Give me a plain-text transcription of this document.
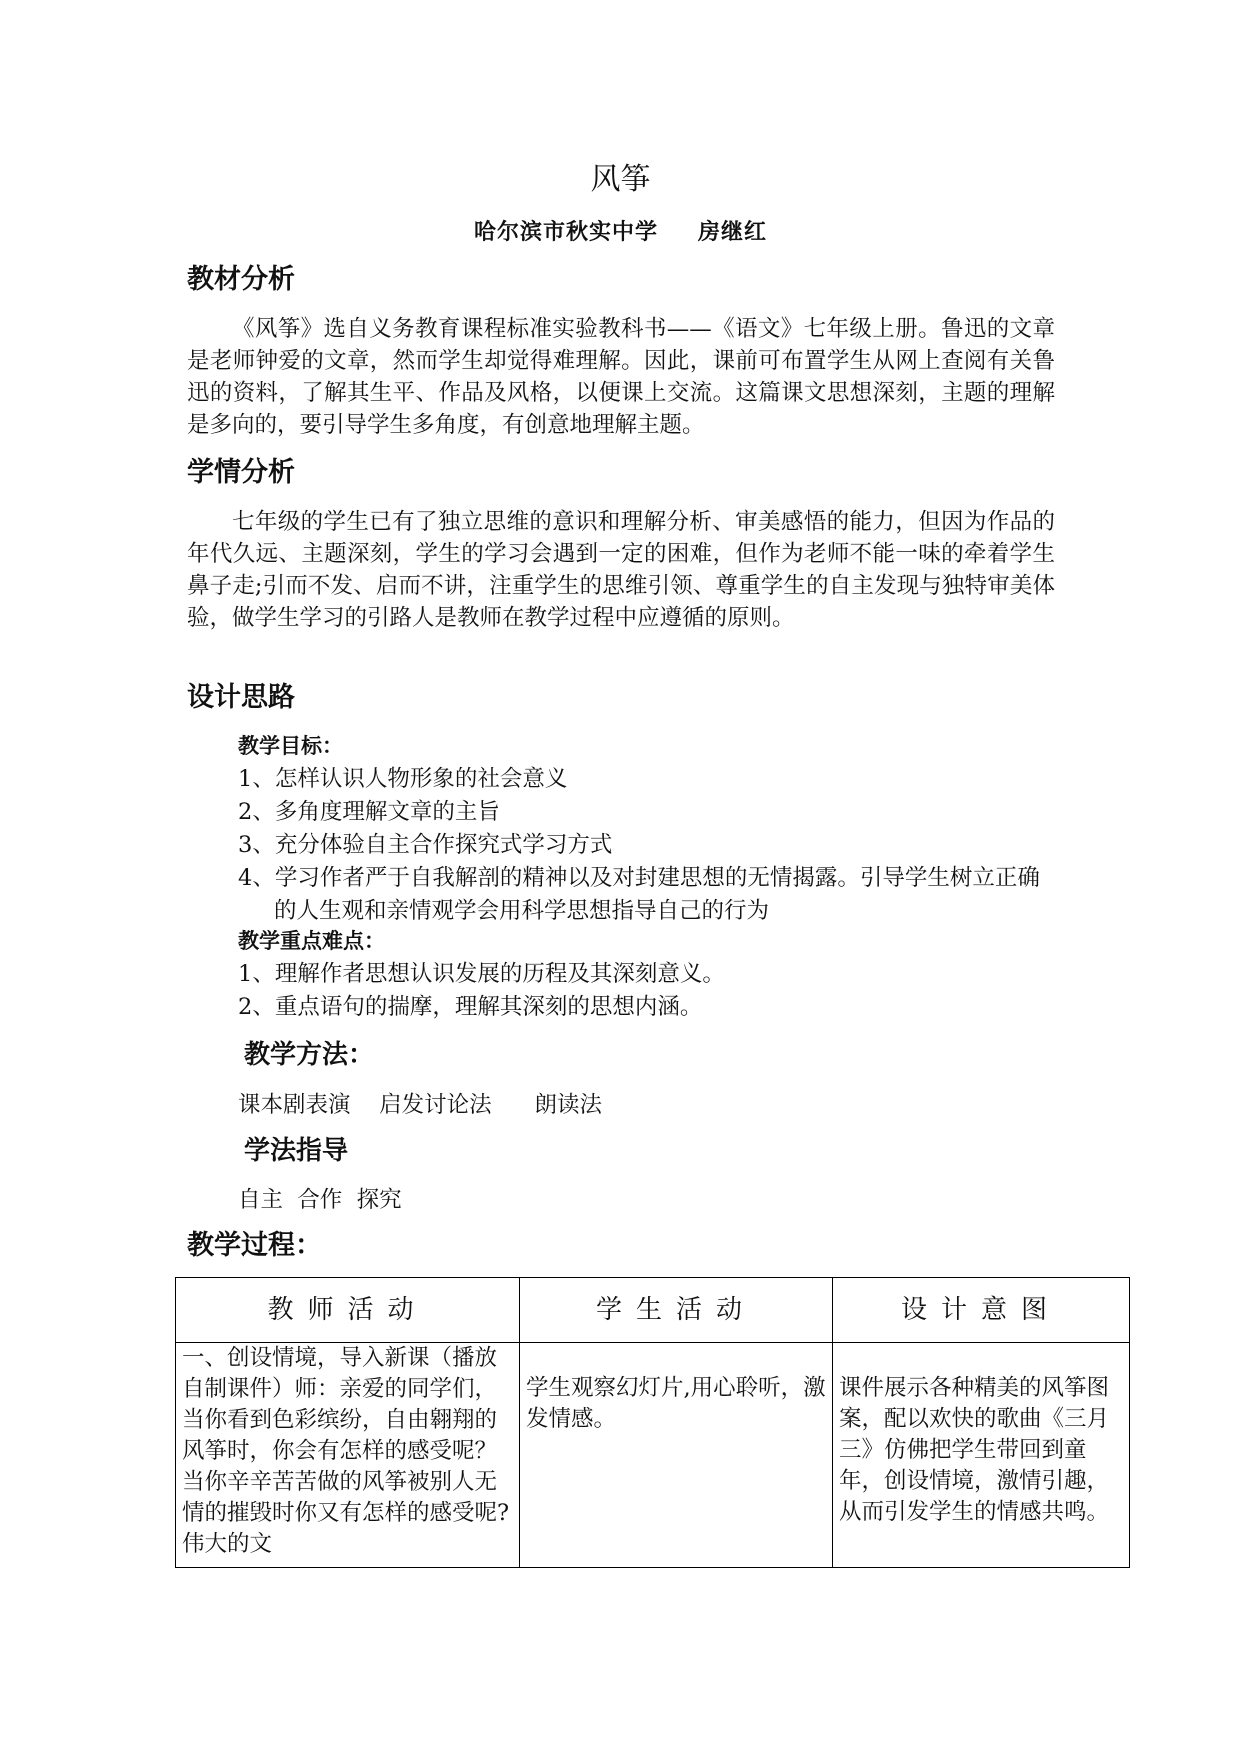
风筝
哈尔滨市秋实中学 房继红
教材分析
《风筝》选自义务教育课程标准实验教科书——《语文》七年级上册。鲁迅的文章是老师钟爱的文章，然而学生却觉得难理解。因此，课前可布置学生从网上查阅有关鲁迅的资料，了解其生平、作品及风格，以便课上交流。这篇课文思想深刻，主题的理解是多向的，要引导学生多角度，有创意地理解主题。
学情分析
七年级的学生已有了独立思维的意识和理解分析、审美感悟的能力，但因为作品的年代久远、主题深刻，学生的学习会遇到一定的困难，但作为老师不能一味的牵着学生鼻子走;引而不发、启而不讲，注重学生的思维引领、尊重学生的自主发现与独特审美体验，做学生学习的引路人是教师在教学过程中应遵循的原则。
设计思路
教学目标：
1、怎样认识人物形象的社会意义
2、多角度理解文章的主旨
3、充分体验自主合作探究式学习方式
4、学习作者严于自我解剖的精神以及对封建思想的无情揭露。引导学生树立正确的人生观和亲情观学会用科学思想指导自己的行为
教学重点难点：
1、理解作者思想认识发展的历程及其深刻意义。
2、重点语句的揣摩，理解其深刻的思想内涵。
教学方法：
课本剧表演    启发讨论法      朗读法
学法指导
自主  合作  探究
教学过程：
教师活动	学生活动	设计意图
一、创设情境，导入新课（播放自制课件）师：亲爱的同学们，当你看到色彩缤纷，自由翱翔的风筝时，你会有怎样的感受呢？当你辛辛苦苦做的风筝被别人无情的摧毁时你又有怎样的感受呢?伟大的文	学生观察幻灯片,用心聆听，激发情感。	课件展示各种精美的风筝图案，配以欢快的歌曲《三月三》仿佛把学生带回到童年，创设情境，激情引趣，从而引发学生的情感共鸣。
